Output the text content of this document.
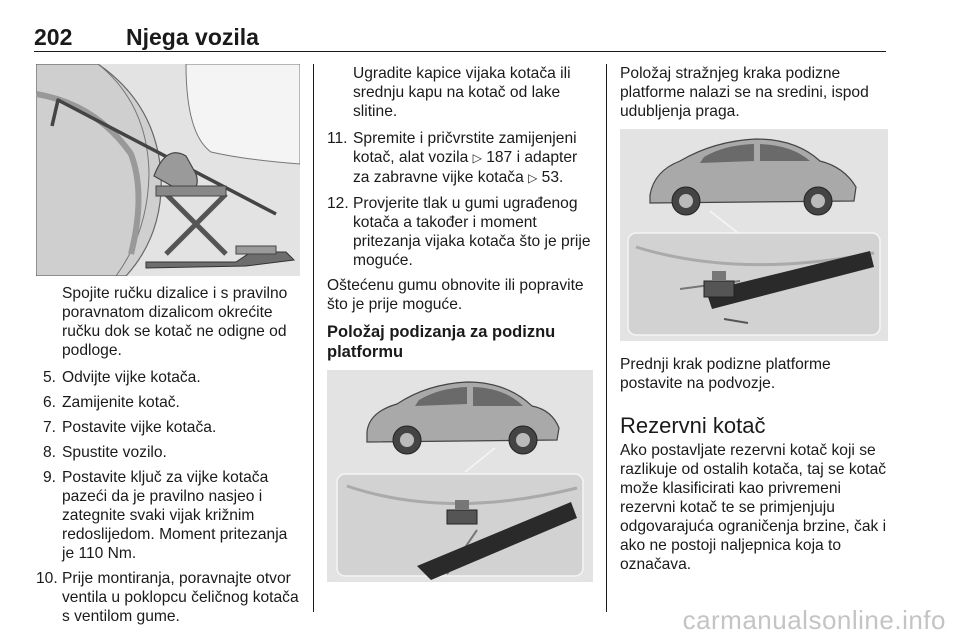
202 Njega vozila

Spojite ručku dizalice i s pravilno poravnatom dizalicom okrećite ručku dok se kotač ne odigne od podloge.

5. Odvijte vijke kotača.
6. Zamijenite kotač.
7. Postavite vijke kotača.
8. Spustite vozilo.
9. Postavite ključ za vijke kotača pazeći da je pravilno nasjeo i zategnite svaki vijak križnim redoslijedom. Moment pritezanja je 110 Nm.
10. Prije montiranja, poravnajte otvor ventila u poklopcu čeličnog kotača s ventilom gume.

Ugradite kapice vijaka kotača ili srednju kapu na kotač od lake slitine.

11. Spremite i pričvrstite zamijenjeni kotač, alat vozila ▷ 187 i adapter za zabravne vijke kotača ▷ 53.
12. Provjerite tlak u gumi ugrađenog kotača a također i moment pritezanja vijaka kotača što je prije moguće.

Oštećenu gumu obnovite ili popravite što je prije moguće.

Položaj podizanja za podiznu platformu

Položaj stražnjeg kraka podizne platforme nalazi se na sredini, ispod udubljenja praga.

Prednji krak podizne platforme postavite na podvozje.

Rezervni kotač

Ako postavljate rezervni kotač koji se razlikuje od ostalih kotača, taj se kotač može klasificirati kao privremeni rezervni kotač te se primjenjuju odgovarajuća ograničenja brzine, čak i ako ne postoji naljepnica koja to označava.

carmanualsonline.info
